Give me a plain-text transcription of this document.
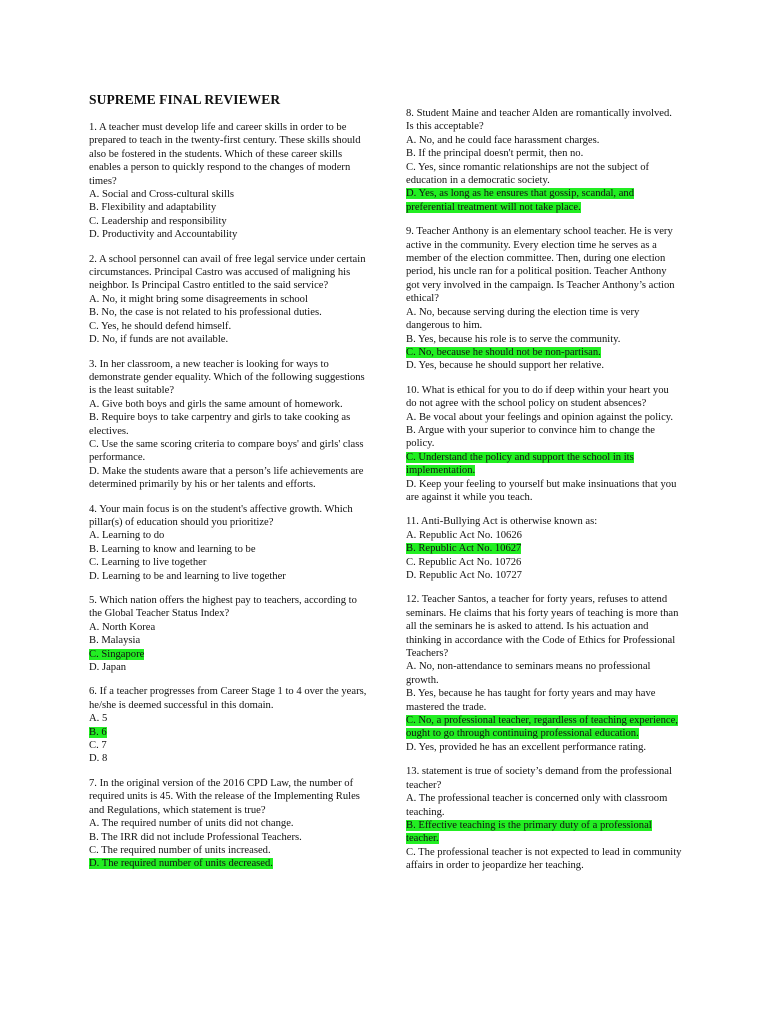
SUPREME FINAL REVIEWER

1. A teacher must develop life and career skills in order to be prepared to teach in the twenty-first century. These skills should also be fostered in the students. Which of these career skills enables a person to quickly respond to the changes of modern times?

A. Social and Cross-cultural skills
B. Flexibility and adaptability
C. Leadership and responsibility
D. Productivity and Accountability

2. A school personnel can avail of free legal service under certain circumstances. Principal Castro was accused of maligning his neighbor. Is Principal Castro entitled to the said service?

A. No, it might bring some disagreements in school
B. No, the case is not related to his professional duties.
C. Yes, he should defend himself.
D. No, if funds are not available.

3. In her classroom, a new teacher is looking for ways to demonstrate gender equality. Which of the following suggestions is the least suitable?

A. Give both boys and girls the same amount of homework.
B. Require boys to take carpentry and girls to take cooking as electives.
C. Use the same scoring criteria to compare boys' and girls' class performance.
D. Make the students aware that a person’s life achievements are determined primarily by his or her talents and efforts.

4. Your main focus is on the student's affective growth. Which pillar(s) of education should you prioritize?

A. Learning to do
B. Learning to know and learning to be
C. Learning to live together
D. Learning to be and learning to live together

5. Which nation offers the highest pay to teachers, according to the Global Teacher Status Index?

A. North Korea
B. Malaysia
C. Singapore
D. Japan

6. If a teacher progresses from Career Stage 1 to 4 over the years, he/she is deemed successful in this domain.

A. 5
B. 6
C. 7
D. 8

7. In the original version of the 2016 CPD Law, the number of required units is 45. With the release of the Implementing Rules and Regulations, which statement is true?

A. The required number of units did not change.
B. The IRR did not include Professional Teachers.
C. The required number of units increased.
D. The required number of units decreased.

8. Student Maine and teacher Alden are romantically involved. Is this acceptable?

A. No, and he could face harassment charges.
B. If the principal doesn't permit, then no.
C. Yes, since romantic relationships are not the subject of education in a democratic society.
D. Yes, as long as he ensures that gossip, scandal, and preferential treatment will not take place.

9. Teacher Anthony is an elementary school teacher. He is very active in the community. Every election time he serves as a member of the election committee. Then, during one election period, his uncle ran for a political position. Teacher Anthony got very involved in the campaign. Is Teacher Anthony’s action ethical?

A. No, because serving during the election time is very dangerous to him.
B. Yes, because his role is to serve the community.
C. No, because he should not be non-partisan.
D. Yes, because he should support her relative.

10. What is ethical for you to do if deep within your heart you do not agree with the school policy on student absences?

A. Be vocal about your feelings and opinion against the policy.
B. Argue with your superior to convince him to change the policy.
C. Understand the policy and support the school in its implementation.
D. Keep your feeling to yourself but make insinuations that you are against it while you teach.

11. Anti-Bullying Act is otherwise known as:

A. Republic Act No. 10626
B. Republic Act No. 10627
C. Republic Act No. 10726
D. Republic Act No. 10727

12. Teacher Santos, a teacher for forty years, refuses to attend seminars. He claims that his forty years of teaching is more than all the seminars he is asked to attend. Is his actuation and thinking in accordance with the Code of Ethics for Professional Teachers?

A. No, non-attendance to seminars means no professional growth.
B. Yes, because he has taught for forty years and may have mastered the trade.
C. No, a professional teacher, regardless of teaching experience, ought to go through continuing professional education.
D. Yes, provided he has an excellent performance rating.

13. statement is true of society’s demand from the professional teacher?

A. The professional teacher is concerned only with classroom teaching.
B. Effective teaching is the primary duty of a professional teacher.
C. The professional teacher is not expected to lead in community affairs in order to jeopardize her teaching.
